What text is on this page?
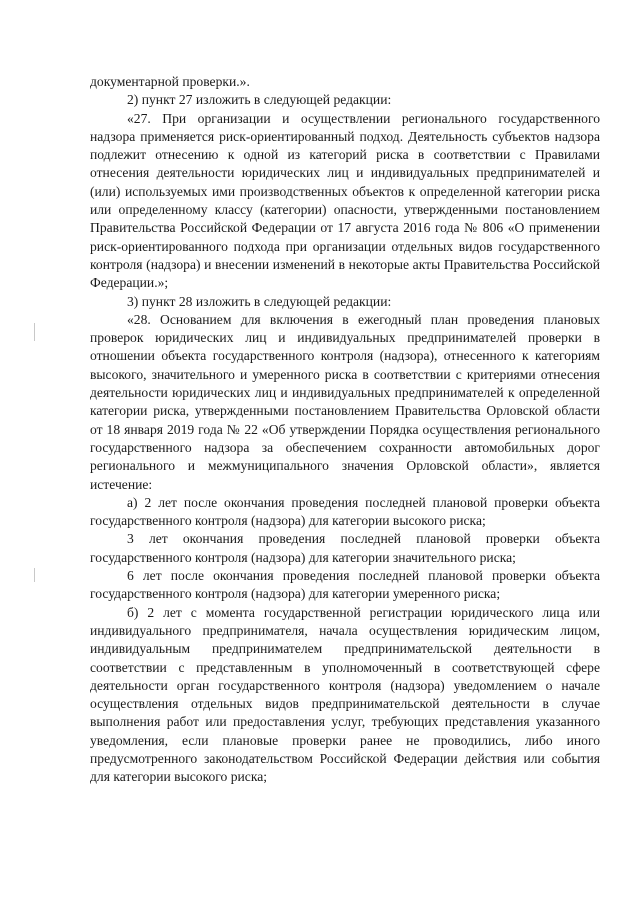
документарной проверки.».

2) пункт 27 изложить в следующей редакции:

«27. При организации и осуществлении регионального государственного надзора применяется риск-ориентированный подход. Деятельность субъектов надзора подлежит отнесению к одной из категорий риска в соответствии с Правилами отнесения деятельности юридических лиц и индивидуальных предпринимателей и (или) используемых ими производственных объектов к определенной категории риска или определенному классу (категории) опасности, утвержденными постановлением Правительства Российской Федерации от 17 августа 2016 года № 806 «О применении риск-ориентированного подхода при организации отдельных видов государственного контроля (надзора) и внесении изменений в некоторые акты Правительства Российской Федерации.»;

3) пункт 28 изложить в следующей редакции:

«28. Основанием для включения в ежегодный план проведения плановых проверок юридических лиц и индивидуальных предпринимателей проверки в отношении объекта государственного контроля (надзора), отнесенного к категориям высокого, значительного и умеренного риска в соответствии с критериями отнесения деятельности юридических лиц и индивидуальных предпринимателей к определенной категории риска, утвержденными постановлением Правительства Орловской области от 18 января 2019 года № 22 «Об утверждении Порядка осуществления регионального государственного надзора за обеспечением сохранности автомобильных дорог регионального и межмуниципального значения Орловской области», является истечение:

а) 2 лет после окончания проведения последней плановой проверки объекта государственного контроля (надзора) для категории высокого риска;

3 лет окончания проведения последней плановой проверки объекта государственного контроля (надзора) для категории значительного риска;

6 лет после окончания проведения последней плановой проверки объекта государственного контроля (надзора) для категории умеренного риска;

б) 2 лет с момента государственной регистрации юридического лица или индивидуального предпринимателя, начала осуществления юридическим лицом, индивидуальным предпринимателем предпринимательской деятельности в соответствии с представленным в уполномоченный в соответствующей сфере деятельности орган государственного контроля (надзора) уведомлением о начале осуществления отдельных видов предпринимательской деятельности в случае выполнения работ или предоставления услуг, требующих представления указанного уведомления, если плановые проверки ранее не проводились, либо иного предусмотренного законодательством Российской Федерации действия или события для категории высокого риска;
